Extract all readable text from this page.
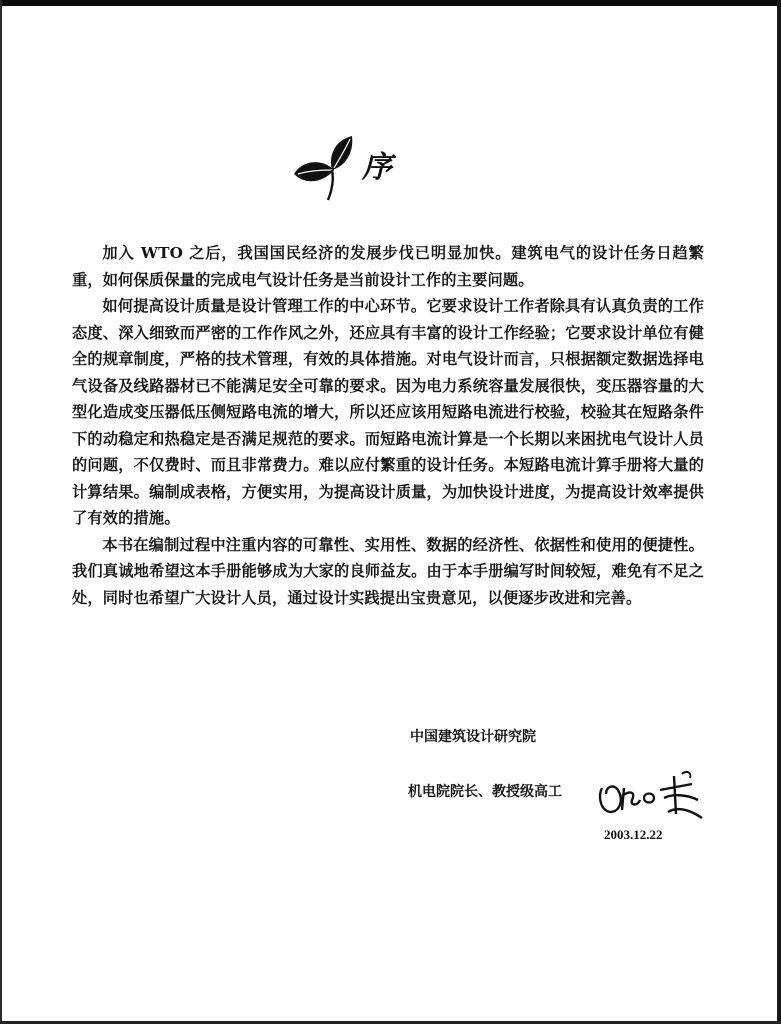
序

加入 WTO 之后，我国国民经济的发展步伐已明显加快。建筑电气的设计任务日趋繁重，如何保质保量的完成电气设计任务是当前设计工作的主要问题。

如何提高设计质量是设计管理工作的中心环节。它要求设计工作者除具有认真负责的工作态度、深入细致而严密的工作作风之外，还应具有丰富的设计工作经验；它要求设计单位有健全的规章制度，严格的技术管理，有效的具体措施。对电气设计而言，只根据额定数据选择电气设备及线路器材已不能满足安全可靠的要求。因为电力系统容量发展很快，变压器容量的大型化造成变压器低压侧短路电流的增大，所以还应该用短路电流进行校验，校验其在短路条件下的动稳定和热稳定是否满足规范的要求。而短路电流计算是一个长期以来困扰电气设计人员的问题，不仅费时、而且非常费力。难以应付繁重的设计任务。本短路电流计算手册将大量的计算结果。编制成表格，方便实用，为提高设计质量，为加快设计进度，为提高设计效率提供了有效的措施。

本书在编制过程中注重内容的可靠性、实用性、数据的经济性、依据性和使用的便捷性。我们真诚地希望这本手册能够成为大家的良师益友。由于本手册编写时间较短，难免有不足之处，同时也希望广大设计人员，通过设计实践提出宝贵意见，以便逐步改进和完善。

中国建筑设计研究院
机电院院长、教授级高工
2003.12.22
